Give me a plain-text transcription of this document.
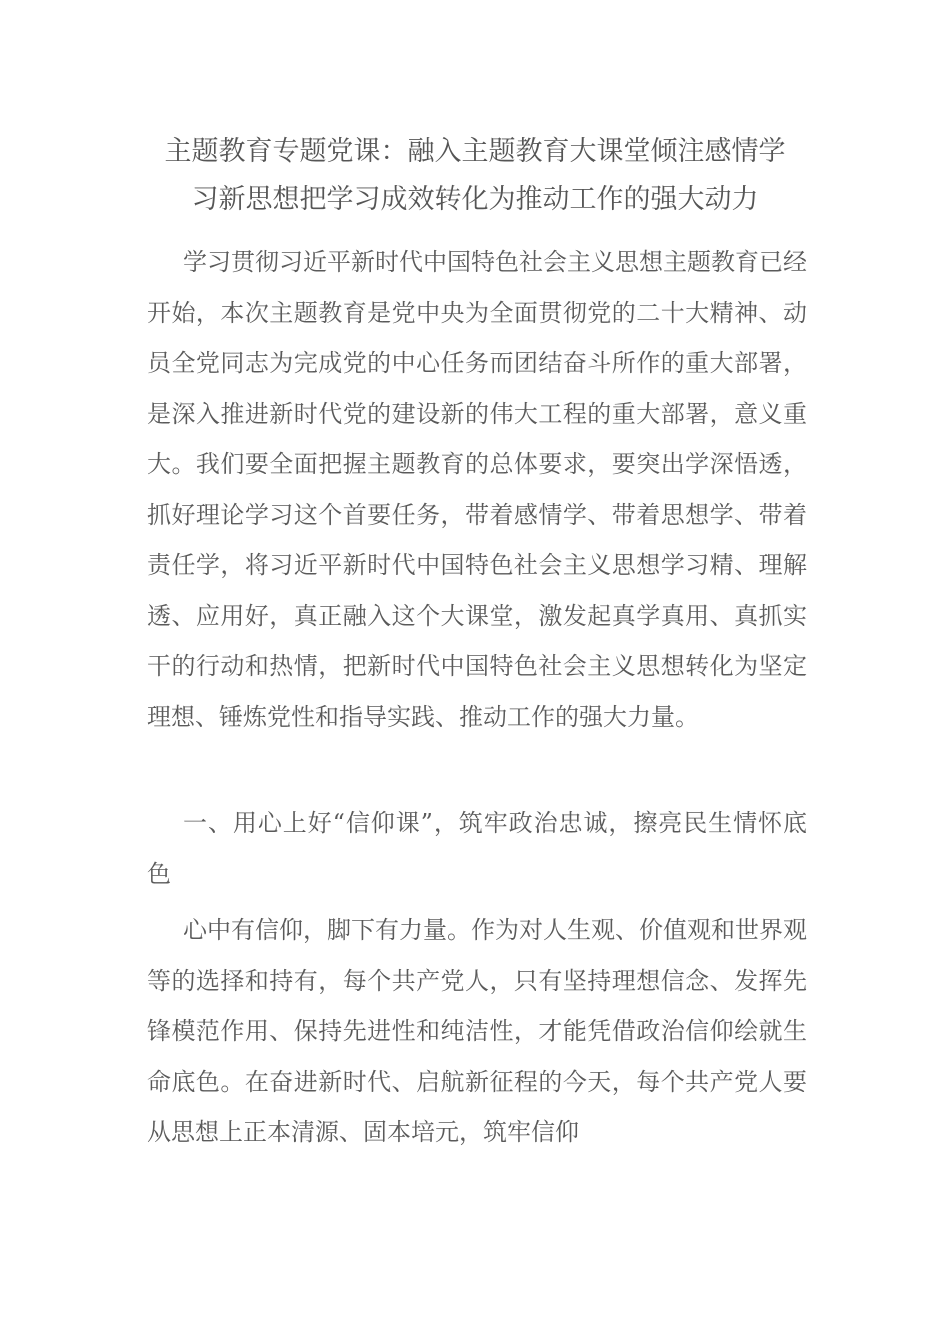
主题教育专题党课：融入主题教育大课堂倾注感情学
习新思想把学习成效转化为推动工作的强大动力

学习贯彻习近平新时代中国特色社会主义思想主题教育已经开始，本次主题教育是党中央为全面贯彻党的二十大精神、动员全党同志为完成党的中心任务而团结奋斗所作的重大部署，是深入推进新时代党的建设新的伟大工程的重大部署，意义重大。我们要全面把握主题教育的总体要求，要突出学深悟透，抓好理论学习这个首要任务，带着感情学、带着思想学、带着责任学，将习近平新时代中国特色社会主义思想学习精、理解透、应用好，真正融入这个大课堂，激发起真学真用、真抓实干的行动和热情，把新时代中国特色社会主义思想转化为坚定理想、锤炼党性和指导实践、推动工作的强大力量。

一、用心上好“信仰课”，筑牢政治忠诚，擦亮民生情怀底色

心中有信仰，脚下有力量。作为对人生观、价值观和世界观等的选择和持有，每个共产党人，只有坚持理想信念、发挥先锋模范作用、保持先进性和纯洁性，才能凭借政治信仰绘就生命底色。在奋进新时代、启航新征程的今天，每个共产党人要从思想上正本清源、固本培元，筑牢信仰
